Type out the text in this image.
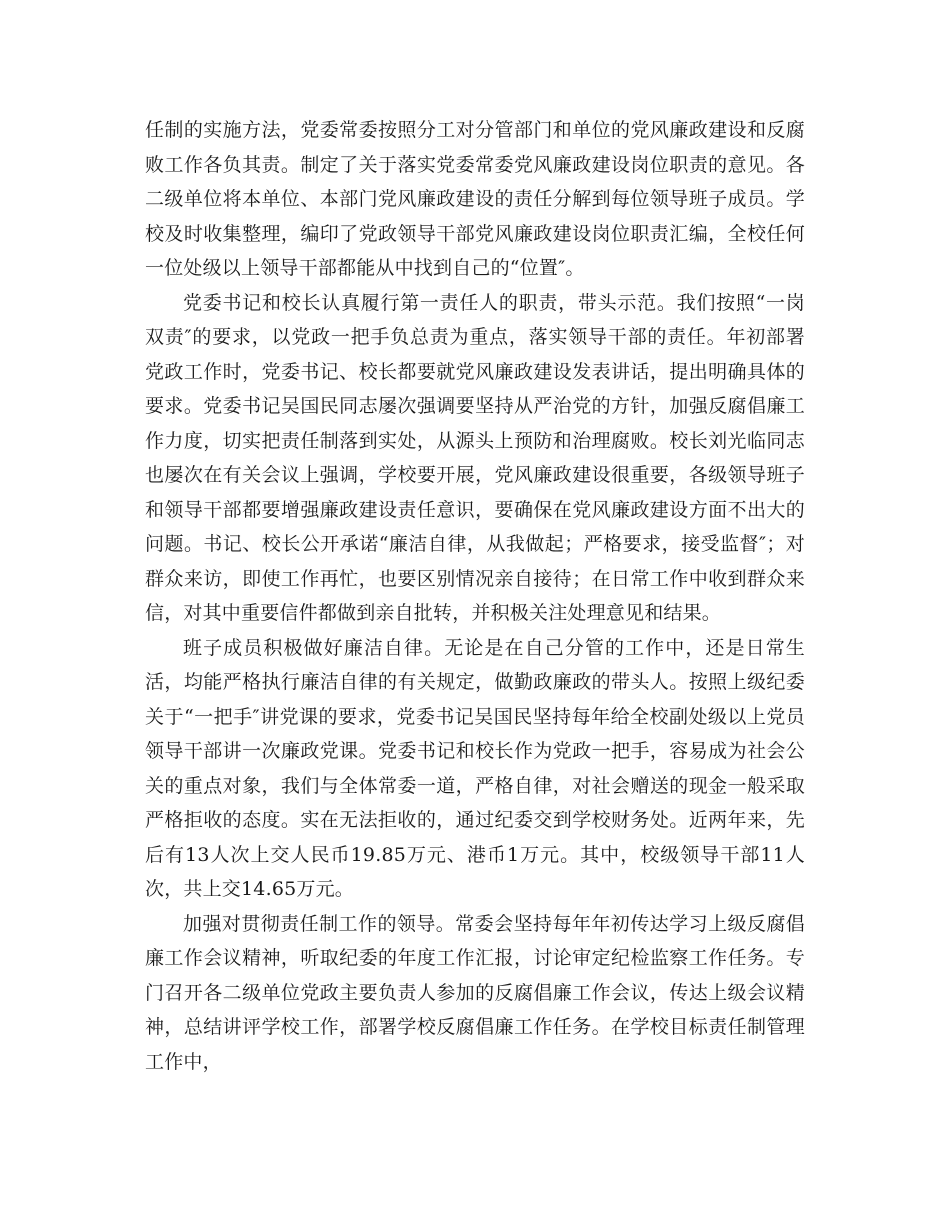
任制的实施方法，党委常委按照分工对分管部门和单位的党风廉政建设和反腐败工作各负其责。制定了关于落实党委常委党风廉政建设岗位职责的意见。各二级单位将本单位、本部门党风廉政建设的责任分解到每位领导班子成员。学校及时收集整理，编印了党政领导干部党风廉政建设岗位职责汇编，全校任何一位处级以上领导干部都能从中找到自己的“位置″。

党委书记和校长认真履行第一责任人的职责，带头示范。我们按照“一岗双责″的要求，以党政一把手负总责为重点，落实领导干部的责任。年初部署党政工作时，党委书记、校长都要就党风廉政建设发表讲话，提出明确具体的要求。党委书记吴国民同志屡次强调要坚持从严治党的方针，加强反腐倡廉工作力度，切实把责任制落到实处，从源头上预防和治理腐败。校长刘光临同志也屡次在有关会议上强调，学校要开展，党风廉政建设很重要，各级领导班子和领导干部都要增强廉政建设责任意识，要确保在党风廉政建设方面不出大的问题。书记、校长公开承诺“廉洁自律，从我做起；严格要求，接受监督″；对群众来访，即使工作再忙，也要区别情况亲自接待；在日常工作中收到群众来信，对其中重要信件都做到亲自批转，并积极关注处理意见和结果。

班子成员积极做好廉洁自律。无论是在自己分管的工作中，还是日常生活，均能严格执行廉洁自律的有关规定，做勤政廉政的带头人。按照上级纪委关于“一把手″讲党课的要求，党委书记吴国民坚持每年给全校副处级以上党员领导干部讲一次廉政党课。党委书记和校长作为党政一把手，容易成为社会公关的重点对象，我们与全体常委一道，严格自律，对社会赠送的现金一般采取严格拒收的态度。实在无法拒收的，通过纪委交到学校财务处。近两年来，先后有13人次上交人民币19.85万元、港币1万元。其中，校级领导干部11人次，共上交14.65万元。

加强对贯彻责任制工作的领导。常委会坚持每年年初传达学习上级反腐倡廉工作会议精神，听取纪委的年度工作汇报，讨论审定纪检监察工作任务。专门召开各二级单位党政主要负责人参加的反腐倡廉工作会议，传达上级会议精神，总结讲评学校工作，部署学校反腐倡廉工作任务。在学校目标责任制管理工作中，
